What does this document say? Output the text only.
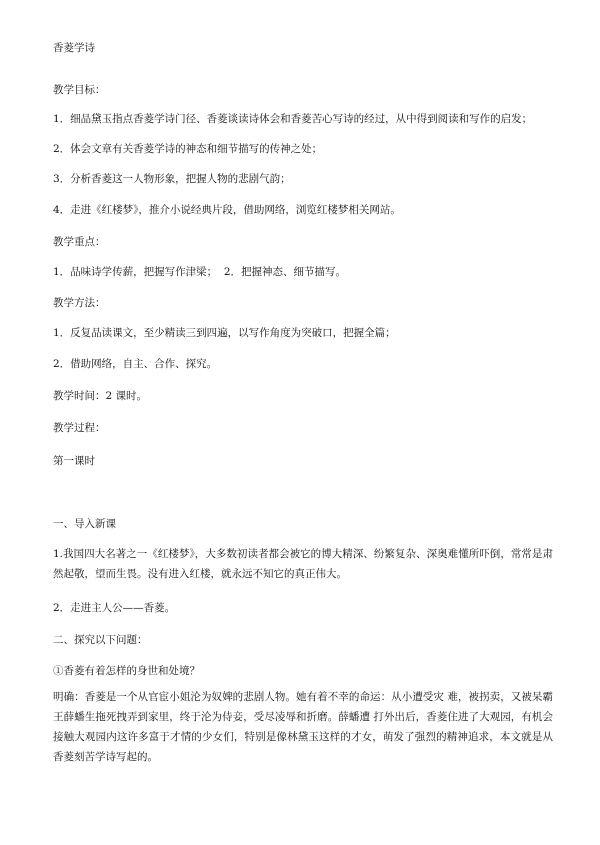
香菱学诗

教学目标：

1．细品黛玉指点香菱学诗门径、香菱谈读诗体会和香菱苦心写诗的经过，从中得到阅读和写作的启发；

2．体会文章有关香菱学诗的神态和细节描写的传神之处；

3．分析香菱这一人物形象，把握人物的悲剧气韵；

4．走进《红楼梦》，推介小说经典片段，借助网络，浏览红楼梦相关网站。

教学重点：

1．品味诗学传薪，把握写作津梁；  2．把握神态、细节描写。

教学方法：

1．反复品读课文，至少精读三到四遍，以写作角度为突破口，把握全篇；

2．借助网络，自主、合作、探究。

教学时间：2 课时。

教学过程：

第一课时

一、导入新课

1.我国四大名著之一《红楼梦》，大多数初读者都会被它的博大精深、纷繁复杂、深奥难懂所吓倒，常常是肃然起敬，望而生畏。没有进入红楼，就永远不知它的真正伟大。

2．走进主人公——香菱。

二、探究以下问题：

①香菱有着怎样的身世和处境？

明确：香菱是一个从官宦小姐沦为奴婢的悲剧人物。她有着不幸的命运：从小遭受灾 难，被拐卖，又被呆霸王薛蟠生拖死拽弄到家里，终于沦为侍妾，受尽凌辱和折磨。薛蟠遭 打外出后，香菱住进了大观园，有机会接触大观园内这许多富于才情的少女们，特别是像林黛玉这样的才女，萌发了强烈的精神追求，本文就是从香菱刻苦学诗写起的。
